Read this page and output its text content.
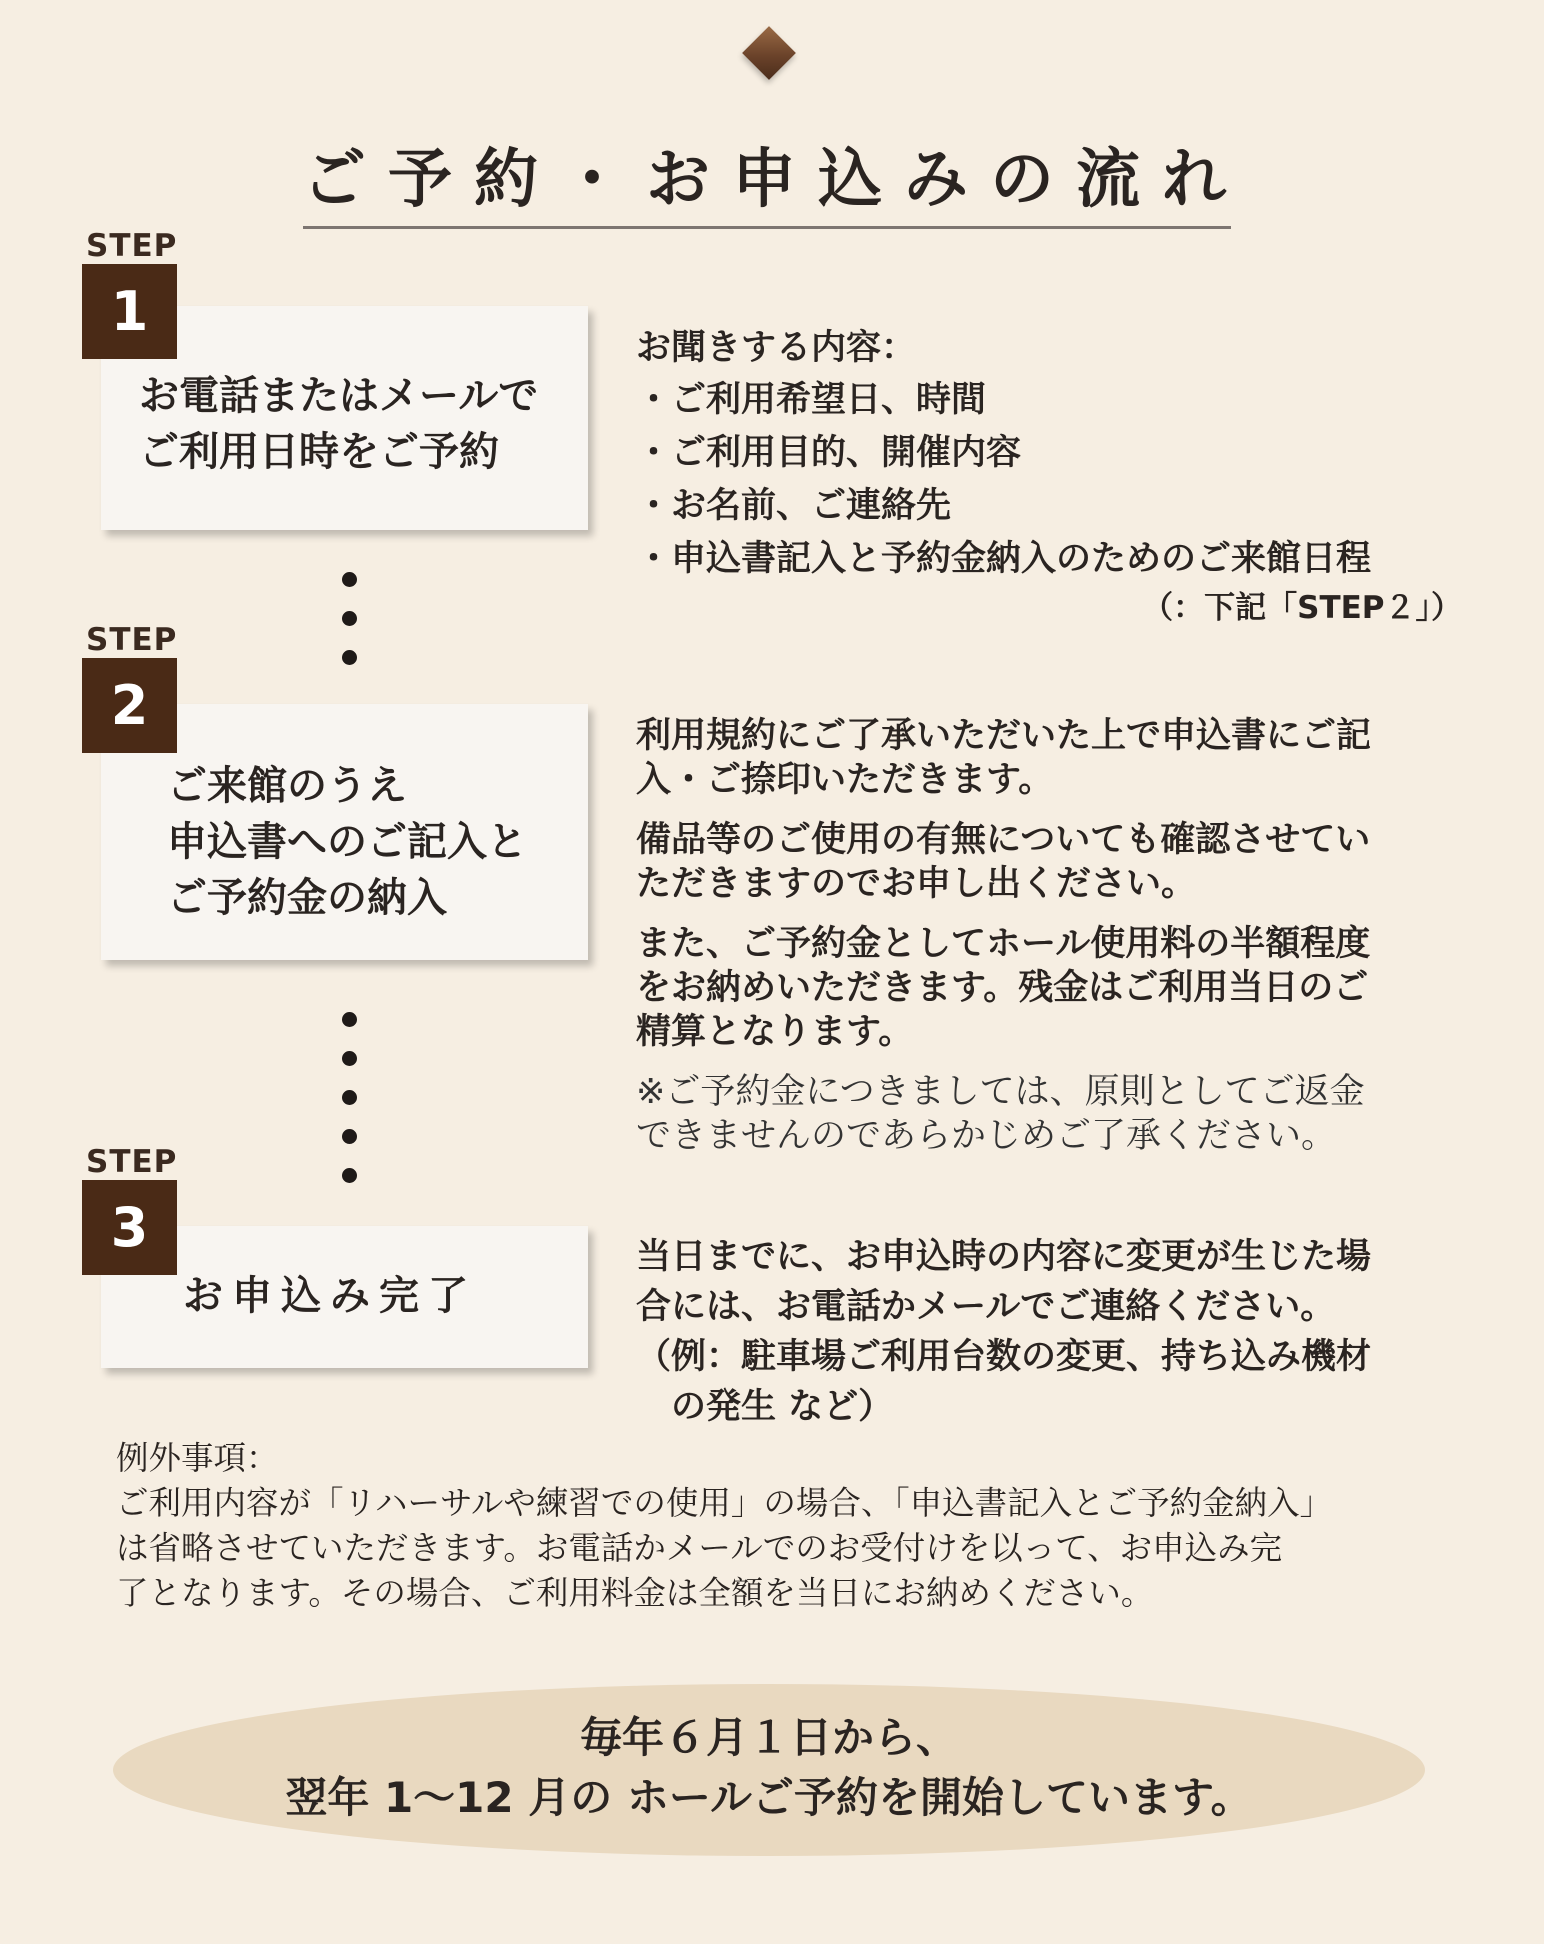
ご予約・お申込みの流れ
STEP
お電話またはメールで
ご利用日時をご予約
1

お聞きする内容：

・ご利用希望日、時間

・ご利用目的、開催内容

・お名前、ご連絡先

・申込書記入と予約金納入のためのご来館日程

（：下記「STEP２」）

STEP
ご来館のうえ
申込書へのご記入と
ご予約金の納入
2	利用規約にご了承いただいた上で申込書にご記
入・ご捺印いただきます。

備品等のご使用の有無についても確認させてい
ただきますのでお申し出ください。

また、ご予約金としてホール使用料の半額程度
をお納めいただきます。残金はご利用当日のご
精算となります。

※ご予約金につきましては、原則としてご返金
できませんのであらかじめご了承ください。

STEP
お申込み完了
3	当日までに、お申込時の内容に変更が生じた場
合には、お電話かメールでご連絡ください。
（例：駐車場ご利用台数の変更、持ち込み機材
　の発生 など）
例外事項：
ご利用内容が「リハーサルや練習での使用」の場合、「申込書記入とご予約金納入」
は省略させていただきます。お電話かメールでのお受付けを以って、お申込み完
了となります。その場合、ご利用料金は全額を当日にお納めください。
毎年６月１日から、
翌年 1～12 月の ホールご予約を開始しています。
